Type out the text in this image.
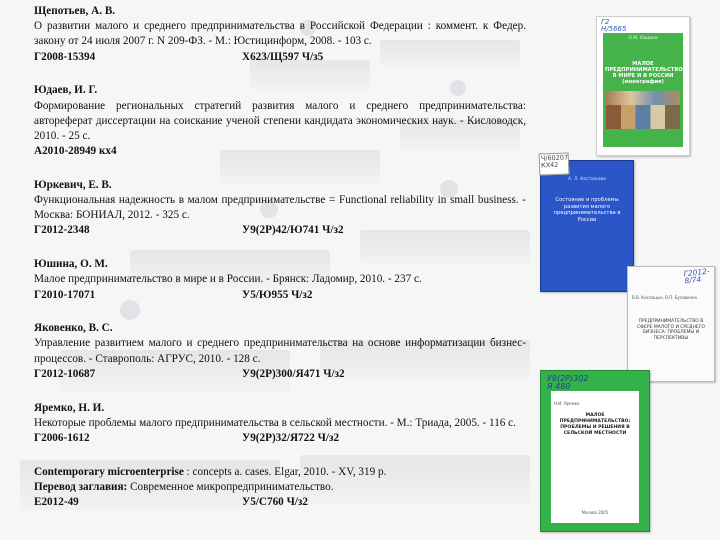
Щепотьев, А. В.
О развитии малого и среднего предпринимательства в Российской Федерации : коммент. к Федер. закону от 24 июля 2007 г. N 209-ФЗ. - М.: Юстицинформ, 2008. - 103 с.
Г2008-15394	Х623/Щ597 Ч/з5
Юдаев, И. Г.
Формирование региональных стратегий развития малого и среднего предпринимательства: автореферат диссертации на соискание ученой степени кандидата экономических наук. - Кисловодск, 2010. - 25 с.
А2010-28949 кх4
Юркевич, Е. В.
Функциональная надежность в малом предпринимательстве = Functional reliability in small business. - Москва: БОНИАЛ, 2012. - 325 с.
Г2012-2348	У9(2Р)42/Ю741 Ч/з2
Юшина, О. М.
Малое предпринимательство в мире и в России. - Брянск: Ладомир, 2010. - 237 с.
Г2010-17071	У5/Ю955 Ч/з2
Яковенко, В. С.
Управление развитием малого и среднего предпринимательства на основе информатизации бизнес-процессов. - Ставрополь: АГРУС, 2010. - 128 с.
Г2012-10687	У9(2Р)300/Я471 Ч/з2
Яремко, Н. И.
Некоторые проблемы малого предпринимательства в сельской местности. - М.: Триада, 2005. - 116 с.
Г2006-1612	У9(2Р)32/Я722 Ч/з2
Contemporary microenterprise : concepts a. cases. Elgar, 2010. - XV, 319 p.
Перевод заглавия: Современное микропредпринимательство.
Е2012-49	У5/С760 Ч/з2
Г2
Н/5665
О.М. Юшина
МАЛОЕ ПРЕДПРИНИМАТЕЛЬСТВО В МИРЕ И В РОССИИ (монография)
Ч/60207
КХ42
А. Л. Костюкова
Состояние и проблемы развития малого предпринимательства в России
Г2012-
8/74
В.В. Кислицын, В.П. Булавенко
ПРЕДПРИНИМАТЕЛЬСТВО В СФЕРЕ МАЛОГО И СРЕДНЕГО БИЗНЕСА: ПРОБЛЕМЫ И ПЕРСПЕКТИВЫ
У9(2Р)302
Я 480
Н.И. Яремко
МАЛОЕ ПРЕДПРИНИМАТЕЛЬСТВО: ПРОБЛЕМЫ И РЕШЕНИЯ В СЕЛЬСКОЙ МЕСТНОСТИ
Москва 2005
